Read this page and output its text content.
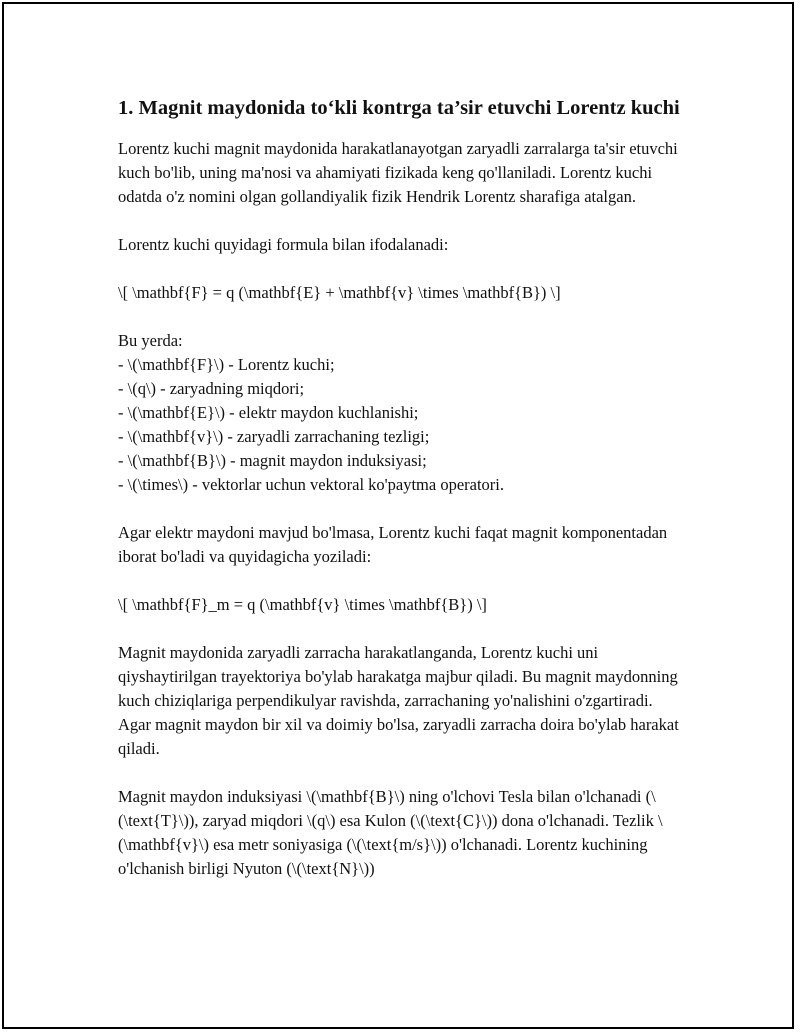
1. Magnit maydonida to‘kli kontrga ta’sir etuvchi Lorentz kuchi

Lorentz kuchi magnit maydonida harakatlanayotgan zaryadli zarralarga ta'sir etuvchi kuch bo'lib, uning ma'nosi va ahamiyati fizikada keng qo'llaniladi. Lorentz kuchi odatda o'z nomini olgan gollandiyalik fizik Hendrik Lorentz sharafiga atalgan.

Lorentz kuchi quyidagi formula bilan ifodalanadi:

\[ \mathbf{F} = q (\mathbf{E} + \mathbf{v} \times \mathbf{B}) \]

Bu yerda:
- \(\mathbf{F}\) - Lorentz kuchi;
- \(q\) - zaryadning miqdori;
- \(\mathbf{E}\) - elektr maydon kuchlanishi;
- \(\mathbf{v}\) - zaryadli zarrachaning tezligi;
- \(\mathbf{B}\) - magnit maydon induksiyasi;
- \(\times\) - vektorlar uchun vektoral ko'paytma operatori.

Agar elektr maydoni mavjud bo'lmasa, Lorentz kuchi faqat magnit komponentadan iborat bo'ladi va quyidagicha yoziladi:

\[ \mathbf{F}_m = q (\mathbf{v} \times \mathbf{B}) \]

Magnit maydonida zaryadli zarracha harakatlanganda, Lorentz kuchi uni qiyshaytirilgan trayektoriya bo'ylab harakatga majbur qiladi. Bu magnit maydonning kuch chiziqlariga perpendikulyar ravishda, zarrachaning yo'nalishini o'zgartiradi. Agar magnit maydon bir xil va doimiy bo'lsa, zaryadli zarracha doira bo'ylab harakat qiladi.

Magnit maydon induksiyasi \(\mathbf{B}\) ning o'lchovi Tesla bilan o'lchanadi (\(\text{T}\)), zaryad miqdori \(q\) esa Kulon (\(\text{C}\)) dona o'lchanadi. Tezlik \(\mathbf{v}\) esa metr soniyasiga (\(\text{m/s}\)) o'lchanadi. Lorentz kuchining o'lchanish birligi Nyuton (\(\text{N}\))
